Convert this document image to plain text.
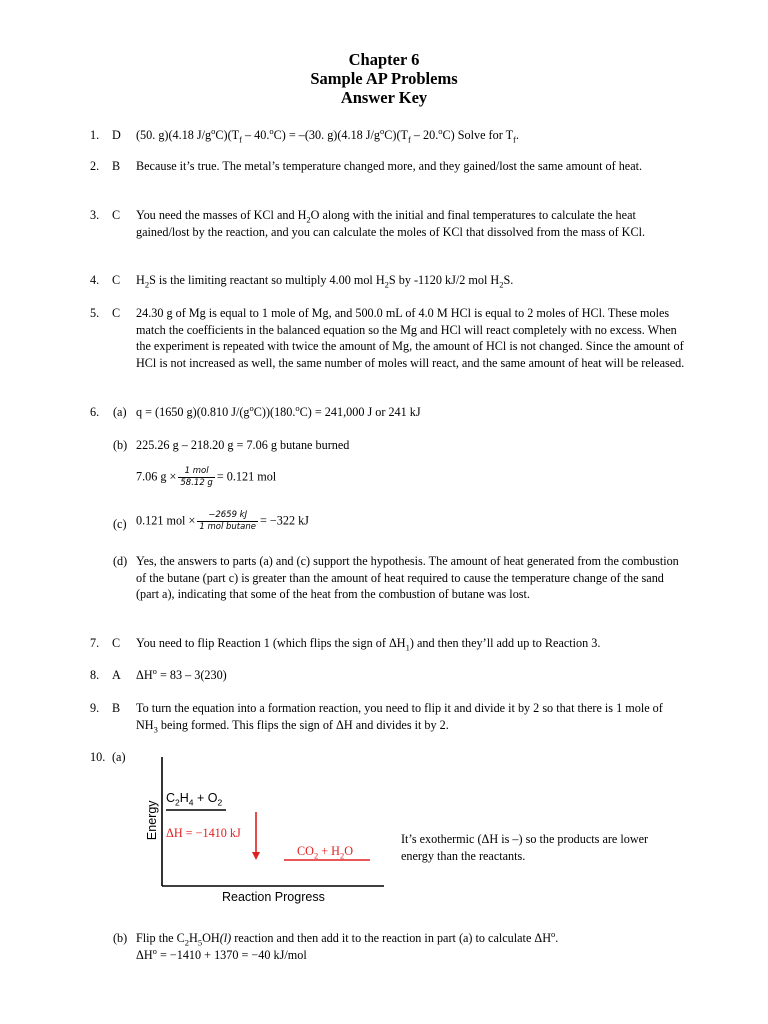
Chapter 6
Sample AP Problems
Answer Key
1. D (50. g)(4.18 $J/g^oC)(T_f - 40.^oC) = -(30$. g)(4.18 $J/g^oC)(T_f - 20.^oC)$ Solve for $T_f$.
2. B Because it’s true. The metal’s temperature changed more, and they gained/lost the same amount of heat.
3. C You need the masses of KCl and $H_2O$ along with the initial and final temperatures to calculate the heat gained/lost by the reaction, and you can calculate the moles of KCl that dissolved from the mass of KCl.
4. C $H_2S$ is the limiting reactant so multiply 4.00 mol $H_2S$ by -1120 kJ/2 mol $H_2S$.
5. C 24.30 g of Mg is equal to 1 mole of Mg, and 500.0 mL of 4.0 M HCl is equal to 2 moles of HCl. These moles match the coefficients in the balanced equation so the Mg and HCl will react completely with no excess. When the experiment is repeated with twice the amount of Mg, the amount of HCl is not changed. Since the amount of HCl is not increased as well, the same number of moles will react, and the same amount of heat will be released.
6. (a) q = (1650 g)(0.810 $J/(g^oC))(180.^oC) = 241,000$ J or 241 kJ
(b) 225.26 g – 218.20 g = 7.06 g butane burned
7.06 $g \times \frac{\text{1 mol}}{58.12 g} = 0.121$ mol
(c) 0.121 mol × $\frac{-2659 kJ}{\text{1 mol butane}} = -322$ kJ
(d) Yes, the answers to parts (a) and (c) support the hypothesis. The amount of heat generated from the combustion of the butane (part c) is greater than the amount of heat required to cause the temperature change of the sand (part a), indicating that some of the heat from the combustion of butane was lost.
7. C You need to flip Reaction 1 (which flips the sign of $\Delta H_1$) and then they’ll add up to Reaction 3.
8. A $\Delta H^o = 83 - 3(230)$
9. B To turn the equation into a formation reaction, you need to flip it and divide it by 2 so that there is 1 mole of $NH_3$ being formed. This flips the sign of ΔH and divides it by 2.
10. (a)
$C_2H_4 + O_2$
ΔH = −1410 kJ
$CO_2 + H_2O$
Energy
Reaction Progress
It’s exothermic (ΔH is –) so the products are lower energy than the reactants.
(b) Flip the $C_2H_5OH(l)$ reaction and then add it to the reaction in part (a) to calculate $\Delta H^o$.
$\Delta H^o = -1410 + 1370 = -40$ kJ/mol
